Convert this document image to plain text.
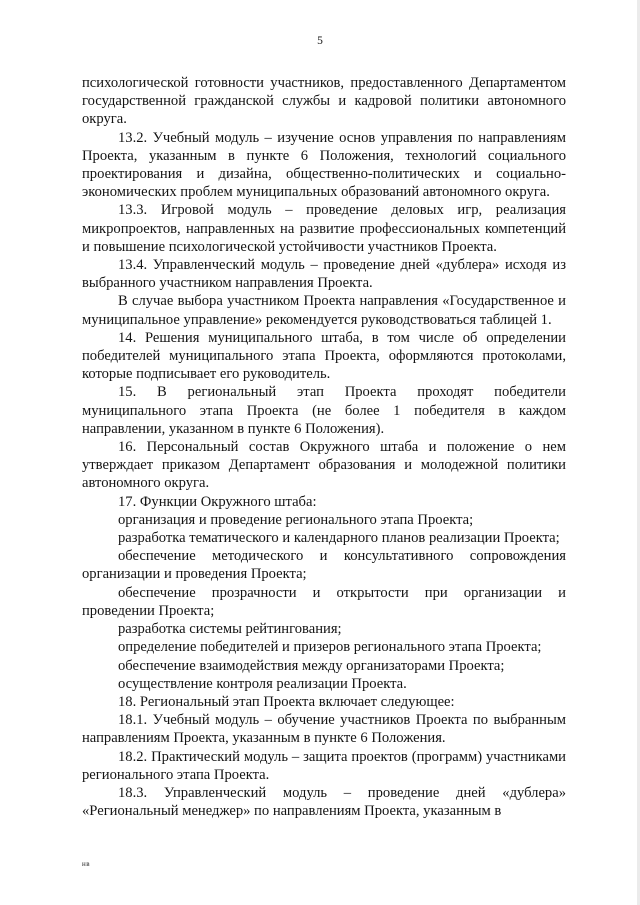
5

психологической готовности участников, предоставленного Департаментом государственной гражданской службы и кадровой политики автономного округа.

13.2. Учебный модуль – изучение основ управления по направлениям Проекта, указанным в пункте 6 Положения, технологий социального проектирования и дизайна, общественно-политических и социально-экономических проблем муниципальных образований автономного округа.

13.3. Игровой модуль – проведение деловых игр, реализация микропроектов, направленных на развитие профессиональных компетенций и повышение психологической устойчивости участников Проекта.

13.4. Управленческий модуль – проведение дней «дублера» исходя из выбранного участником направления Проекта.

В случае выбора участником Проекта направления «Государственное и муниципальное управление» рекомендуется руководствоваться таблицей 1.

14. Решения муниципального штаба, в том числе об определении победителей муниципального этапа Проекта, оформляются протоколами, которые подписывает его руководитель.

15. В региональный этап Проекта проходят победители муниципального этапа Проекта (не более 1 победителя в каждом направлении, указанном в пункте 6 Положения).

16. Персональный состав Окружного штаба и положение о нем утверждает приказом Департамент образования и молодежной политики автономного округа.

17. Функции Окружного штаба:

организация и проведение регионального этапа Проекта;

разработка тематического и календарного планов реализации Проекта;

обеспечение методического и консультативного сопровождения организации и проведения Проекта;

обеспечение прозрачности и открытости при организации и проведении Проекта;

разработка системы рейтингования;

определение победителей и призеров регионального этапа Проекта;

обеспечение взаимодействия между организаторами Проекта;

осуществление контроля реализации Проекта.

18. Региональный этап Проекта включает следующее:

18.1. Учебный модуль – обучение участников Проекта по выбранным направлениям Проекта, указанным в пункте 6 Положения.

18.2. Практический модуль – защита проектов (программ) участниками регионального этапа Проекта.

18.3. Управленческий модуль – проведение дней «дублера» «Региональный менеджер» по направлениям Проекта, указанным в

нв
